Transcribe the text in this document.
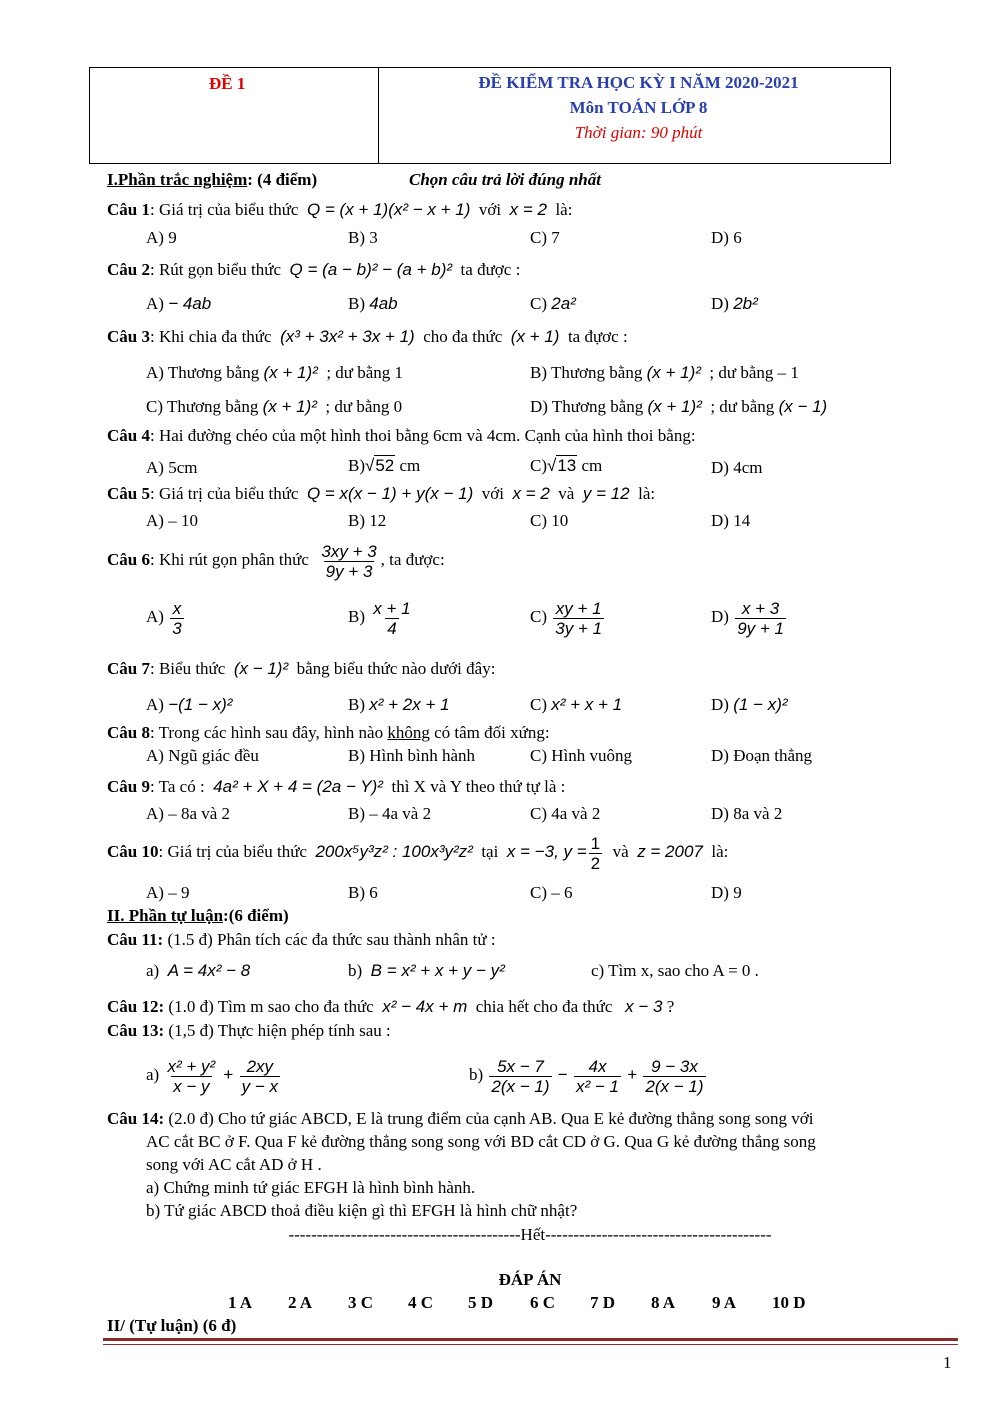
ĐỀ 1	ĐỀ KIỂM TRA HỌC KỲ I NĂM 2020-2021
Môn TOÁN LỚP 8
Thời gian: 90 phút
I.Phần trắc nghiệm: (4 điểm)	Chọn câu trả lời đúng nhất
Câu 1: Giá trị của biểu thức Q = (x + 1)(x² − x + 1) với x = 2 là:
A) 9	B) 3	C) 7	D) 6
Câu 2: Rút gọn biểu thức Q = (a − b)² − (a + b)² ta được :
A) − 4ab	B) 4ab	C) 2a²	D) 2b²
Câu 3: Khi chia đa thức (x³ + 3x² + 3x + 1) cho đa thức (x + 1) ta đựơc :
A) Thương bằng (x + 1)² ; dư bằng 1	B) Thương bằng (x + 1)² ; dư bằng – 1
C) Thương bằng (x + 1)² ; dư bằng 0	D) Thương bằng (x + 1)² ; dư bằng (x − 1)
Câu 4: Hai đường chéo của một hình thoi bằng 6cm và 4cm. Cạnh của hình thoi bằng:
A) 5cm	B)√52 cm	C)√13 cm	D) 4cm
Câu 5: Giá trị của biểu thức Q = x(x − 1) + y(x − 1) với x = 2 và y = 12 là:
A) – 10	B) 12	C) 10	D) 14
Câu 6: Khi rút gọn phân thức $\frac{3xy + 3}{9y + 3}$ , ta được:
$A) \frac{x}{3}$	$B) \frac{x + 1}{4}$	$C) \frac{xy + 1}{3y + 1}$	$D) \frac{x + 3}{9y + 1}$
Câu 7: Biểu thức (x − 1)² bằng biểu thức nào dưới đây:
A) −(1 − x)²	B) x² + 2x + 1	C) x² + x + 1	D) (1 − x)²
Câu 8: Trong các hình sau đây, hình nào không có tâm đối xứng:
A) Ngũ giác đều	B) Hình bình hành	C) Hình vuông	D) Đoạn thẳng
Câu 9: Ta có : 4a² + X + 4 = (2a − Y)² thì X và Y theo thứ tự là :
A) – 8a và 2	B) – 4a và 2	C) 4a và 2	D) 8a và 2
Câu 10: Giá trị của biểu thức 200x⁵y³z² : 100x³y²z² tại x = −3, $y = \frac{1}{2}$ và z = 2007 là:
A) – 9	B) 6	C) – 6	D) 9
II. Phần tự luận:(6 điểm)
Câu 11: (1.5 đ) Phân tích các đa thức sau thành nhân tử :
a) A = 4x² − 8	b) B = x² + x + y − y²	c) Tìm x, sao cho A = 0 .
Câu 12: (1.0 đ) Tìm m sao cho đa thức x² − 4x + m chia hết cho đa thức x − 3 ?
Câu 13: (1,5 đ) Thực hiện phép tính sau :
$a) \frac{\text{x² + y²}}{x - y} + \frac{2xy}{y - x}$	$b) \frac{5x - 7}{2(x - 1)} - \frac{4x}{\text{x² − 1}} + \frac{9 - 3x}{2(x - 1)}$
Câu 14: (2.0 đ) Cho tứ giác ABCD, E là trung điểm của cạnh AB. Qua E kẻ đường thẳng song song với
AC cắt BC ở F. Qua F kẻ đường thẳng song song với BD cắt CD ở G. Qua G kẻ đường thẳng song
song với AC cắt AD ở H .
a) Chứng minh tứ giác EFGH là hình bình hành.
b) Tứ giác ABCD thoả điều kiện gì thì EFGH là hình chữ nhật?
-----------------------------------------Hết----------------------------------------
ĐÁP ÁN
1 A 2 A 3 C 4 C 5 D 6 C 7 D 8 A 9 A 10 D
II/ (Tự luận) (6 đ)
1
